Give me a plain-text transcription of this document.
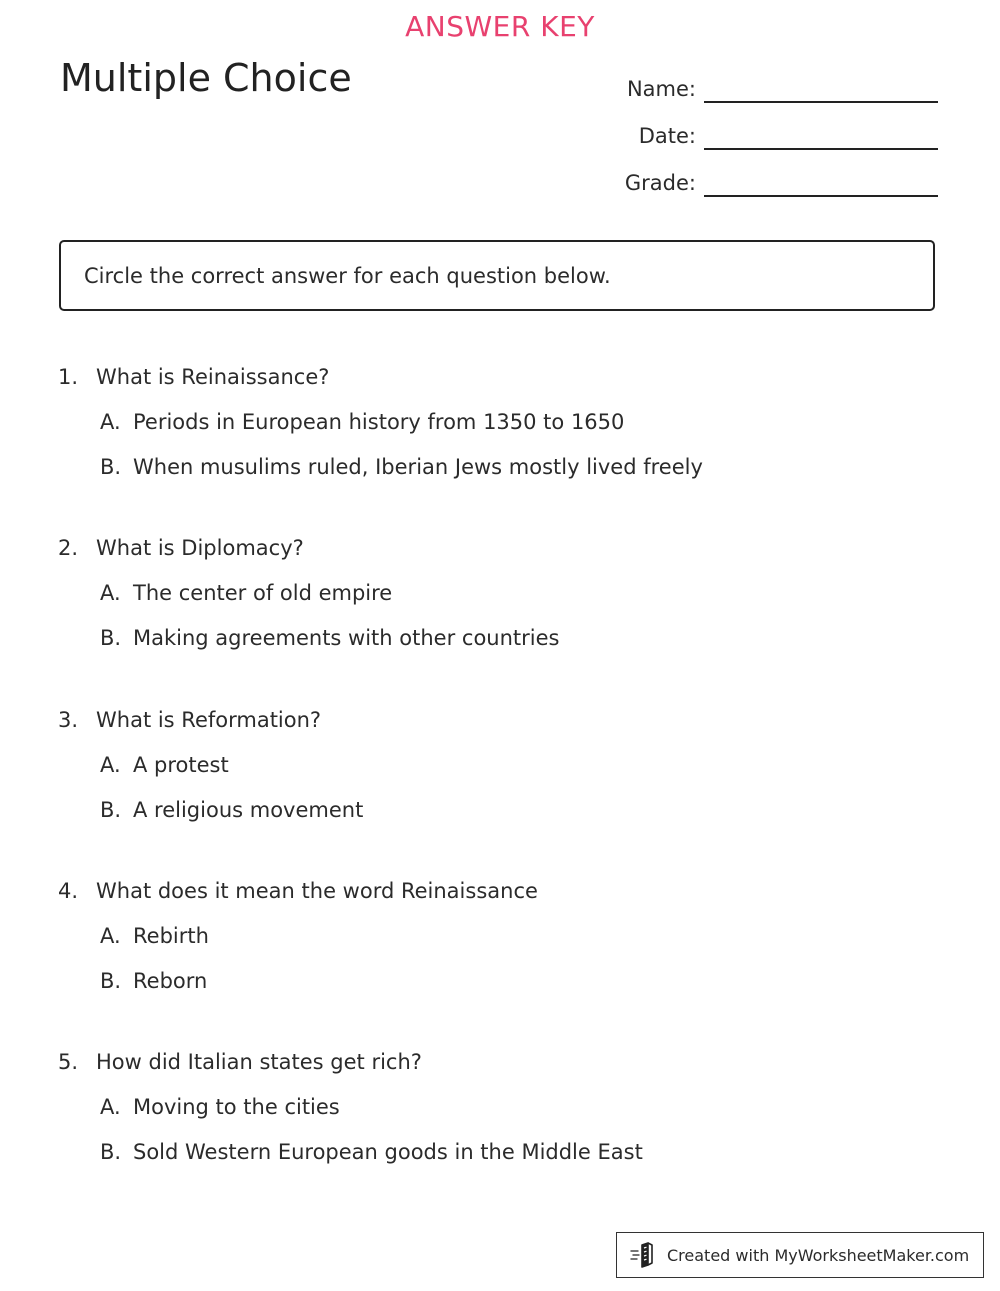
ANSWER KEY
Multiple Choice	Name:
Date:
Grade:
Circle the correct answer for each question below.
1. What is Reinaissance?
A. Periods in European history from 1350 to 1650
B. When musulims ruled, Iberian Jews mostly lived freely
2. What is Diplomacy?
A. The center of old empire
B. Making agreements with other countries
3. What is Reformation?
A. A protest
B. A religious movement
4. What does it mean the word Reinaissance
A. Rebirth
B. Reborn
5. How did Italian states get rich?
A. Moving to the cities
B. Sold Western European goods in the Middle East
Created with MyWorksheetMaker.com
